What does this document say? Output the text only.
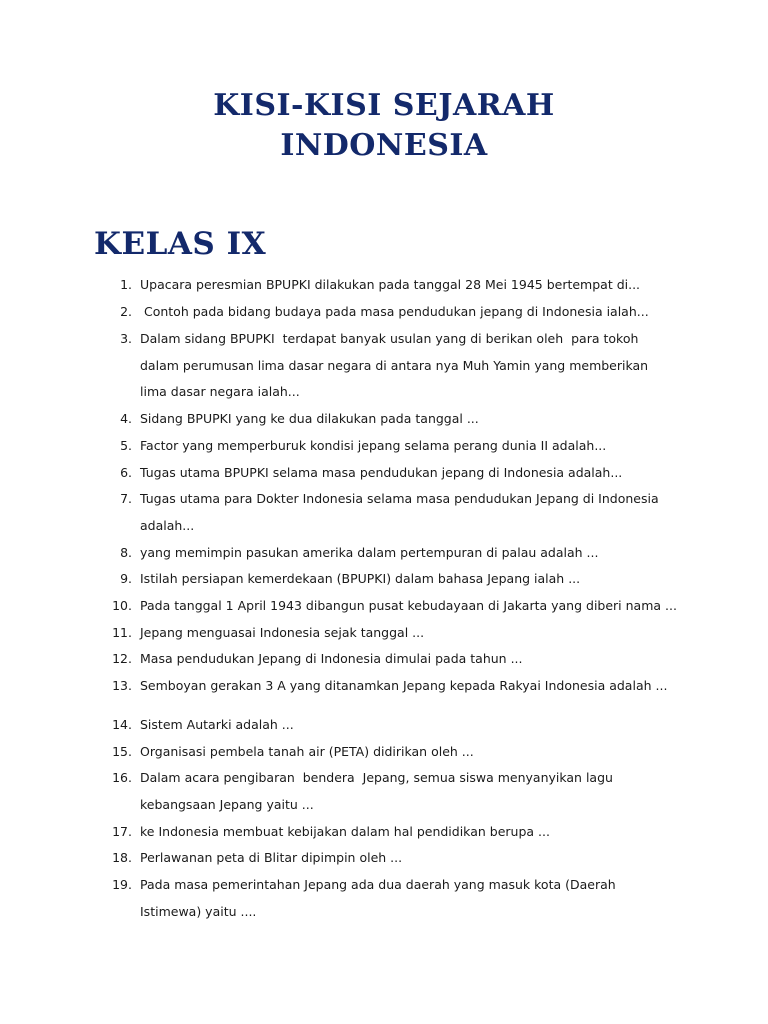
KISI-KISI SEJARAH
INDONESIA
KELAS IX
1. Upacara peresmian BPUPKI dilakukan pada tanggal 28 Mei 1945 bertempat di...
2. Contoh pada bidang budaya pada masa pendudukan jepang di Indonesia ialah...
3. Dalam sidang BPUPKI  terdapat banyak usulan yang di berikan oleh  para tokoh
dalam perumusan lima dasar negara di antara nya Muh Yamin yang memberikan
lima dasar negara ialah...
4. Sidang BPUPKI yang ke dua dilakukan pada tanggal ...
5. Factor yang memperburuk kondisi jepang selama perang dunia II adalah...
6. Tugas utama BPUPKI selama masa pendudukan jepang di Indonesia adalah...
7. Tugas utama para Dokter Indonesia selama masa pendudukan Jepang di Indonesia
adalah...
8. yang memimpin pasukan amerika dalam pertempuran di palau adalah ...
9. Istilah persiapan kemerdekaan (BPUPKI) dalam bahasa Jepang ialah ...
10. Pada tanggal 1 April 1943 dibangun pusat kebudayaan di Jakarta yang diberi nama ...
11. Jepang menguasai Indonesia sejak tanggal ...
12. Masa pendudukan Jepang di Indonesia dimulai pada tahun ...
13. Semboyan gerakan 3 A yang ditanamkan Jepang kepada Rakyai Indonesia adalah ...
14. Sistem Autarki adalah ...
15. Organisasi pembela tanah air (PETA) didirikan oleh ...
16. Dalam acara pengibaran  bendera  Jepang, semua siswa menyanyikan lagu
kebangsaan Jepang yaitu ...
17. ke Indonesia membuat kebijakan dalam hal pendidikan berupa ...
18. Perlawanan peta di Blitar dipimpin oleh ...
19. Pada masa pemerintahan Jepang ada dua daerah yang masuk kota (Daerah
Istimewa) yaitu ....
